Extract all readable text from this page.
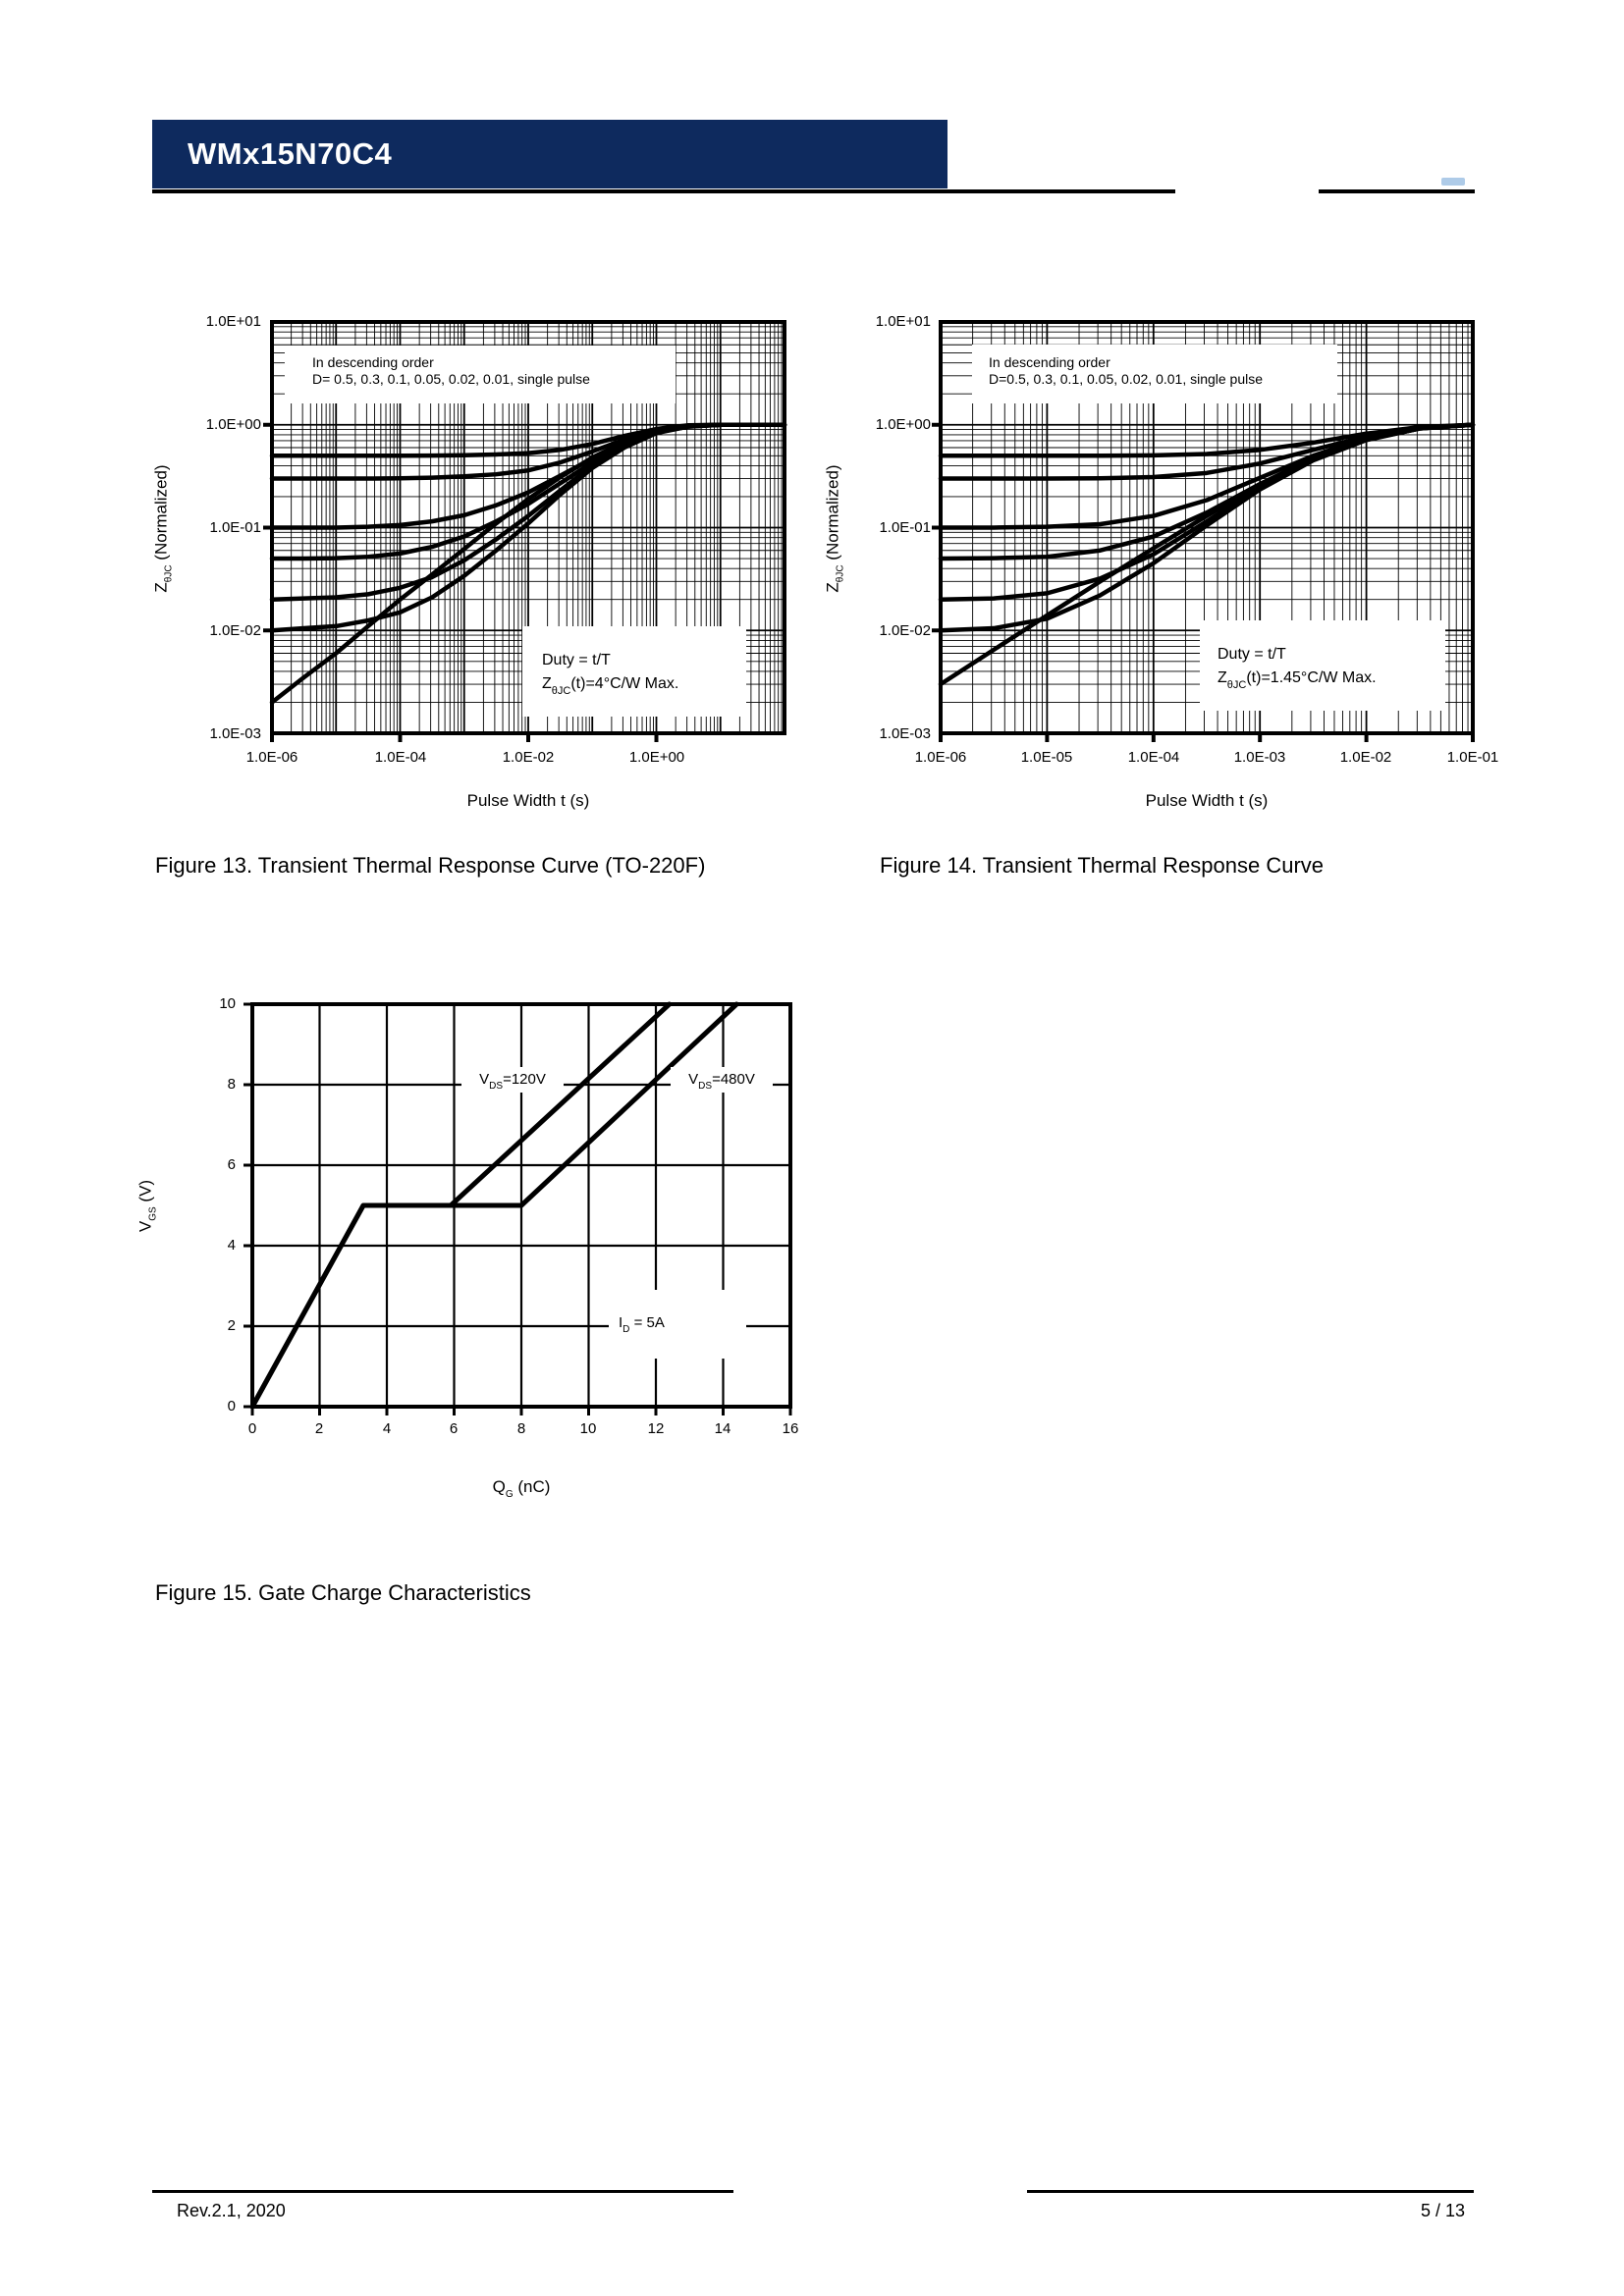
WMx15N70C4
$Z_{\theta JC}$ (Normalized)
1.0E+01
1.0E+00
1.0E-01
1.0E-02
1.0E-03
1.0E-06	1.0E-04	1.0E-02	1.0E+00
Pulse Width t (s)
In descending order
D= 0.5, 0.3, 0.1, 0.05, 0.02, 0.01, single pulse
Duty = t/T
$Z_{\theta JC}(t)=4^\circ C/W$ Max.
Figure 13. Transient Thermal Response Curve (TO-220F)
$Z_{\theta JC}$ (Normalized)
1.0E+01
1.0E+00
1.0E-01
1.0E-02
1.0E-03
1.0E-06	1.0E-05	1.0E-04	1.0E-03	1.0E-02	1.0E-01
Pulse Width t (s)
In descending order
D=0.5, 0.3, 0.1, 0.05, 0.02, 0.01, single pulse
Duty = t/T
$Z_{\theta JC}(t)=1.45^\circ C/W$ Max.
Figure 14. Transient Thermal Response Curve
$V_{GS}$ (V)
10
8
6
4
2
0
0	2	4	6	8	10	12	14	16
$Q_G$ (nC)
$V_{DS}=120V$	$V_{DS}=480V$
$I_D = 5A$
Figure 15. Gate Charge Characteristics
Rev.2.1, 2020	5 / 13
